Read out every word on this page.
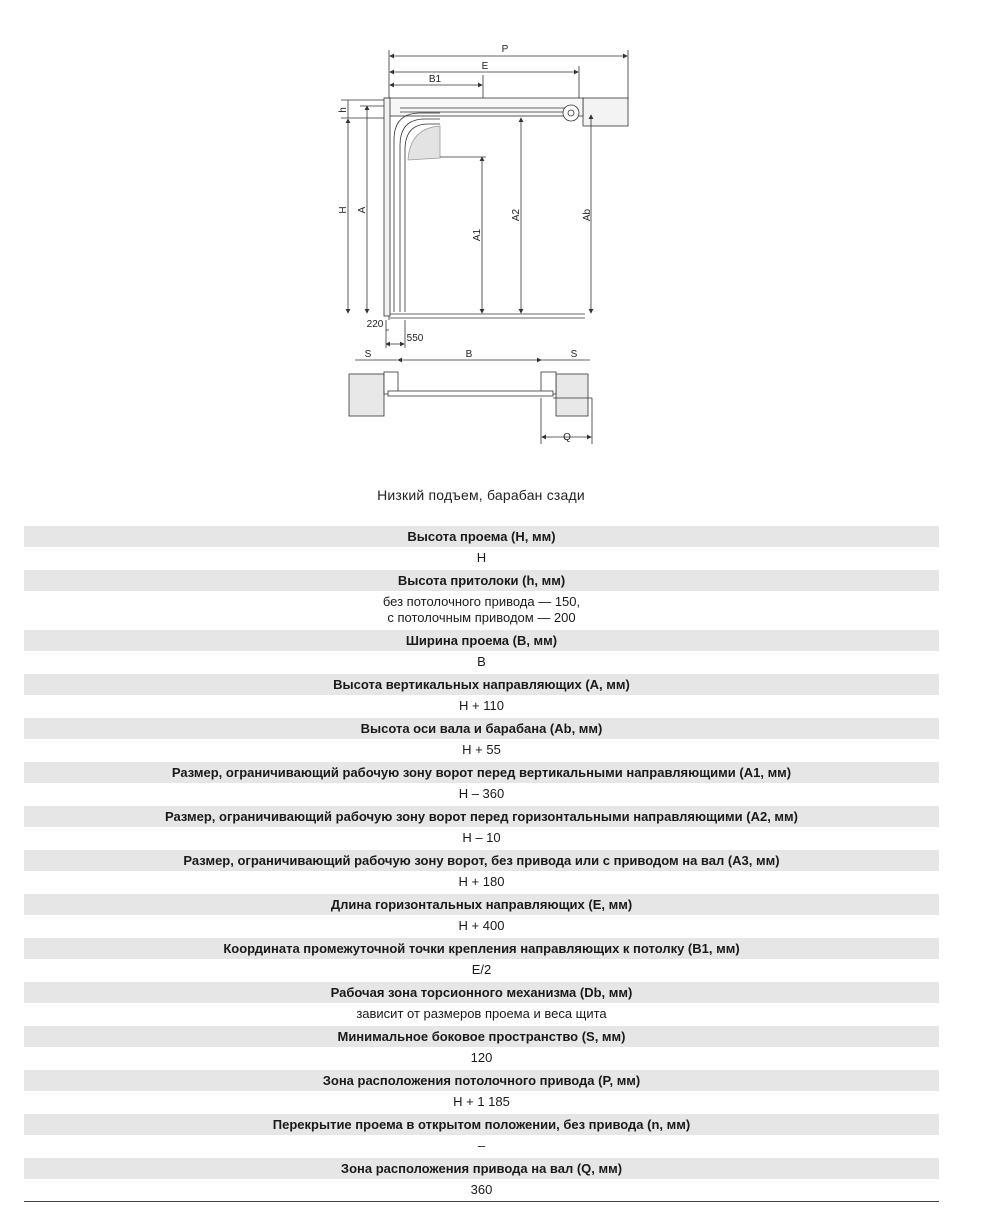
P
E
B1
h
H A
A1
A2	Ab
220
550
S	B	S
Q
Низкий подъем, барабан сзади
Высота проема (H, мм)
H
Высота притолоки (h, мм)
без потолочного привода — 150,
с потолочным приводом — 200
Ширина проема (B, мм)
B
Высота вертикальных направляющих (A, мм)
H + 110
Высота оси вала и барабана (Ab, мм)
H + 55
Размер, ограничивающий рабочую зону ворот перед вертикальными направляющими (A1, мм)
H – 360
Размер, ограничивающий рабочую зону ворот перед горизонтальными направляющими (A2, мм)
H – 10
Размер, ограничивающий рабочую зону ворот, без привода или с приводом на вал (A3, мм)
H + 180
Длина горизонтальных направляющих (E, мм)
H + 400
Координата промежуточной точки крепления направляющих к потолку (B1, мм)
E/2
Рабочая зона торсионного механизма (Db, мм)
зависит от размеров проема и веса щита
Минимальное боковое пространство (S, мм)
120
Зона расположения потолочного привода (P, мм)
H + 1 185
Перекрытие проема в открытом положении, без привода (n, мм)
–
Зона расположения привода на вал (Q, мм)
360
